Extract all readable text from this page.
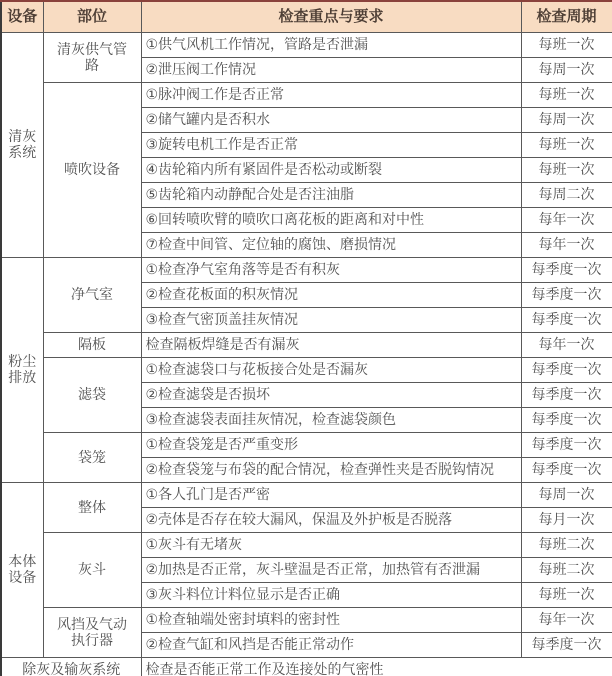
设备	部位	检查重点与要求	检查周期
清灰系统	清灰供气管路	①供气风机工作情况，管路是否泄漏	每班一次
		②泄压阀工作情况	每周一次
	喷吹设备	①脉冲阀工作是否正常	每班一次
		②储气罐内是否积水	每周一次
		③旋转电机工作是否正常	每班一次
		④齿轮箱内所有紧固件是否松动或断裂	每班一次
		⑤齿轮箱内动静配合处是否注油脂	每周二次
		⑥回转喷吹臂的喷吹口离花板的距离和对中性	每年一次
		⑦检查中间管、定位轴的腐蚀、磨损情况	每年一次
粉尘排放	净气室	①检查净气室角落等是否有积灰	每季度一次
		②检查花板面的积灰情况	每季度一次
		③检查气密顶盖挂灰情况	每季度一次
	隔板	检查隔板焊缝是否有漏灰	每年一次
	滤袋	①检查滤袋口与花板接合处是否漏灰	每季度一次
		②检查滤袋是否损坏	每季度一次
		③检查滤袋表面挂灰情况，检查滤袋颜色	每季度一次
	袋笼	①检查袋笼是否严重变形	每季度一次
		②检查袋笼与布袋的配合情况，检查弹性夹是否脱钩情况	每季度一次
本体设备	整体	①各人孔门是否严密	每周一次
		②壳体是否存在较大漏风，保温及外护板是否脱落	每月一次
	灰斗	①灰斗有无堵灰	每班二次
		②加热是否正常，灰斗壁温是否正常，加热管有否泄漏	每班二次
		③灰斗料位计料位显示是否正确	每班一次
	风挡及气动执行器	①检查轴端处密封填料的密封性	每年一次
		②检查气缸和风挡是否能正常动作	每季度一次
除灰及输灰系统		检查是否能正常工作及连接处的气密性	
